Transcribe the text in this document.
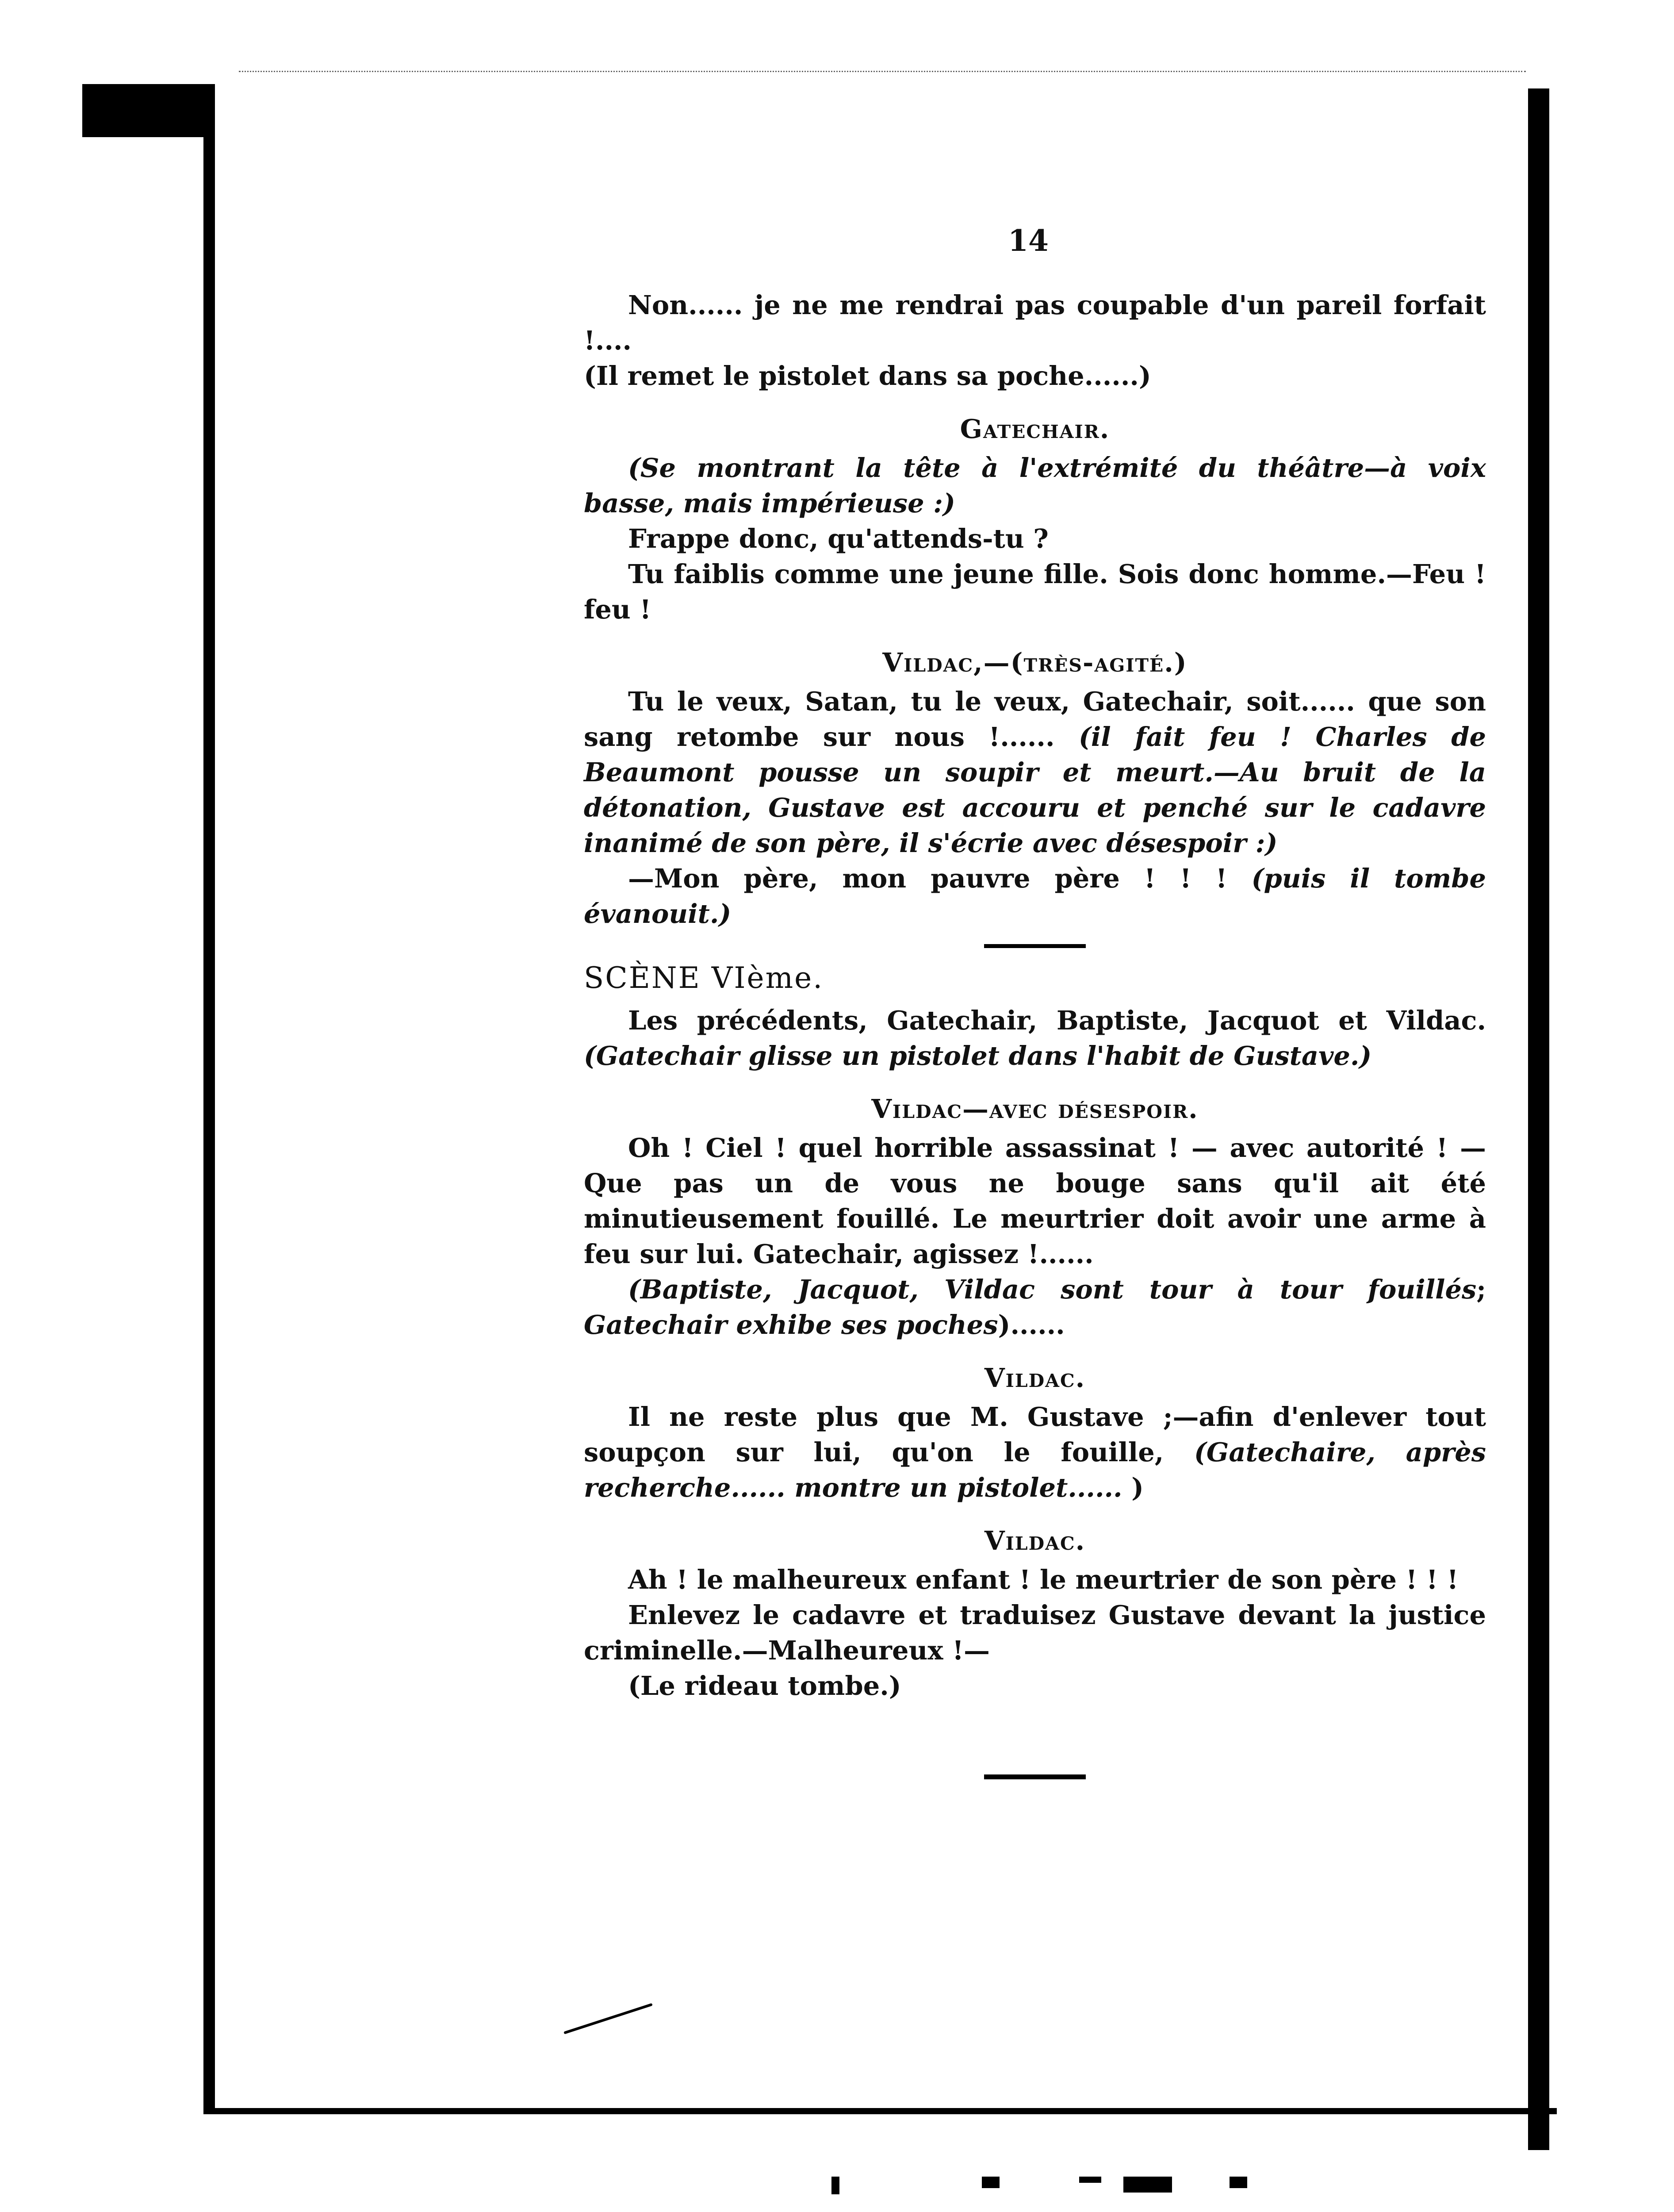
14

Non...... je ne me rendrai pas coupable d'un pareil forfait !....

(Il remet le pistolet dans sa poche......)

Gatechair.

(Se montrant la tête à l'extrémité du théâtre—à voix basse, mais impérieuse :)

Frappe donc, qu'attends-tu ?

Tu faiblis comme une jeune fille. Sois donc homme.—Feu ! feu !

Vildac,—(très-agité.)

Tu le veux, Satan, tu le veux, Gatechair, soit...... que son sang retombe sur nous !...... (il fait feu ! Charles de Beaumont pousse un soupir et meurt.—Au bruit de la détonation, Gustave est accouru et penché sur le cadavre inanimé de son père, il s'écrie avec désespoir :)

—Mon père, mon pauvre père ! ! ! (puis il tombe évanouit.)

SCÈNE VIème.

Les précédents, Gatechair, Baptiste, Jacquot et Vildac. (Gatechair glisse un pistolet dans l'habit de Gustave.)

Vildac—avec désespoir.

Oh ! Ciel ! quel horrible assassinat ! — avec autorité ! — Que pas un de vous ne bouge sans qu'il ait été minutieusement fouillé. Le meurtrier doit avoir une arme à feu sur lui. Gatechair, agissez !......

(Baptiste, Jacquot, Vildac sont tour à tour fouillés; Gatechair exhibe ses poches)......

Vildac.

Il ne reste plus que M. Gustave ;—afin d'enlever tout soupçon sur lui, qu'on le fouille, (Gatechaire, après recherche...... montre un pistolet...... )

Vildac.

Ah ! le malheureux enfant ! le meurtrier de son père ! ! !

Enlevez le cadavre et traduisez Gustave devant la justice criminelle.—Malheureux !—

(Le rideau tombe.)
